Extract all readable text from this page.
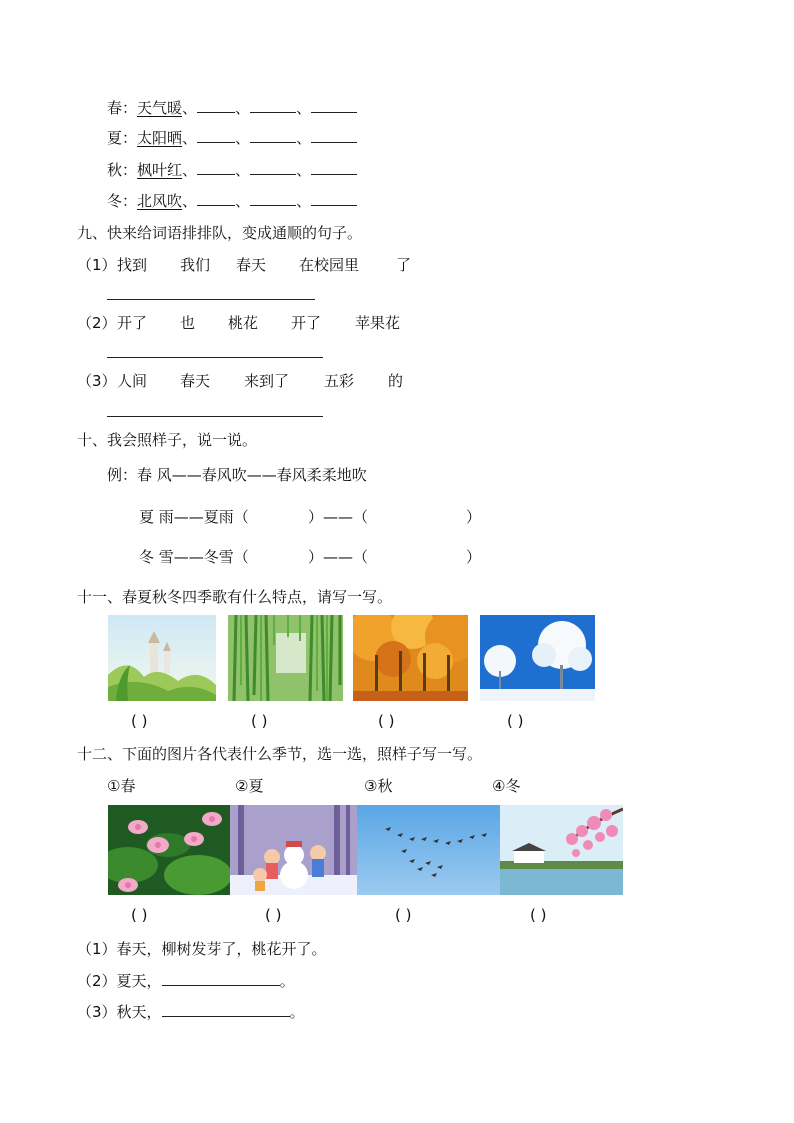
春：天气暖、	、	、
夏：太阳晒、	、	、
秋：枫叶红、	、	、
冬：北风吹、	、	、
九、快来给词语排排队，变成通顺的句子。
（1） 找到 我们 春天 在校园里 了
（2） 开了 也 桃花 开了 苹果花
（3） 人间 春天 来到了 五彩 的
十、我会照样子，说一说。
例：春 风——春风吹——春风柔柔地吹
夏 雨——夏雨（	）——（	）
冬 雪——冬雪（	）——（	）
十一、春夏秋冬四季歌有什么特点，请写一写。
( )	( )	( )	( )
十二、下面的图片各代表什么季节，选一选，照样子写一写。
①春	②夏	③秋	④冬
( )	( )	( )	( )
（1）春天，柳树发芽了，桃花开了。
（2）夏天，	。
（3）秋天，	。
